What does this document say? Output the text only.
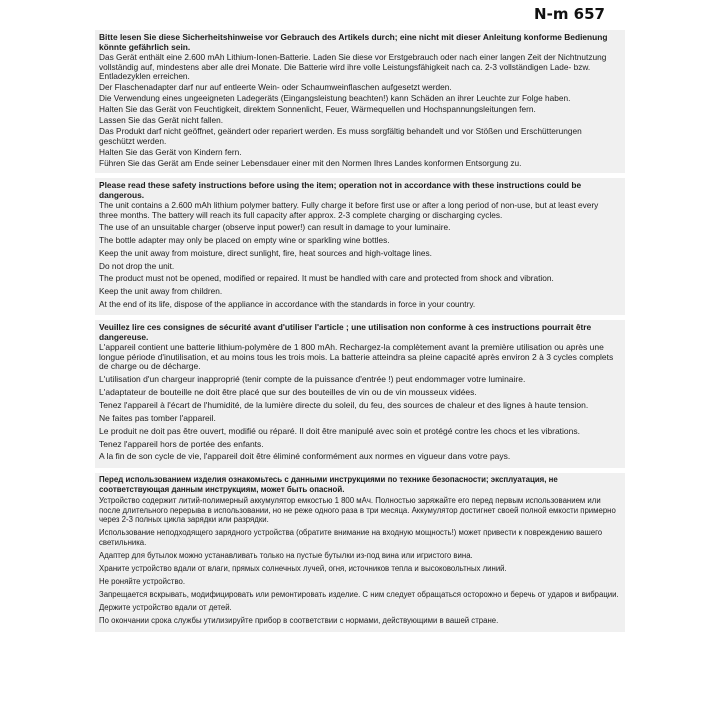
N-m 657

Bitte lesen Sie diese Sicherheitshinweise vor Gebrauch des Artikels durch; eine nicht mit dieser Anleitung konforme Bedienung könnte gefährlich sein.

Das Gerät enthält eine 2.600 mAh Lithium-Ionen-Batterie. Laden Sie diese vor Erstgebrauch oder nach einer langen Zeit der Nichtnutzung vollständig auf, mindestens aber alle drei Monate. Die Batterie wird ihre volle Leistungsfähigkeit nach ca. 2-3 vollständigen Lade- bzw. Entladezyklen erreichen.

Der Flaschenadapter darf nur auf entleerte Wein- oder Schaumweinflaschen aufgesetzt werden.

Die Verwendung eines ungeeigneten Ladegeräts (Eingangsleistung beachten!) kann Schäden an ihrer Leuchte zur Folge haben.

Halten Sie das Gerät von Feuchtigkeit, direktem Sonnenlicht, Feuer, Wärmequellen und Hochspannungsleitungen fern.

Lassen Sie das Gerät nicht fallen.

Das Produkt darf nicht geöffnet, geändert oder repariert werden. Es muss sorgfältig behandelt und vor Stößen und Erschütterungen geschützt werden.

Halten Sie das Gerät von Kindern fern.

Führen Sie das Gerät am Ende seiner Lebensdauer einer mit den Normen Ihres Landes konformen Entsorgung zu.

Please read these safety instructions before using the item; operation not in accordance with these instructions could be dangerous.

The unit contains a 2.600 mAh lithium polymer battery. Fully charge it before first use or after a long period of non-use, but at least every three months. The battery will reach its full capacity after approx. 2-3 complete charging or discharging cycles.

The use of an unsuitable charger (observe input power!) can result in damage to your luminaire.

The bottle adapter may only be placed on empty wine or sparkling wine bottles.

Keep the unit away from moisture, direct sunlight, fire, heat sources and high-voltage lines.

Do not drop the unit.

The product must not be opened, modified or repaired. It must be handled with care and protected from shock and vibration.

Keep the unit away from children.

At the end of its life, dispose of the appliance in accordance with the standards in force in your country.

Veuillez lire ces consignes de sécurité avant d'utiliser l'article ; une utilisation non conforme à ces instructions pourrait être dangereuse.

L'appareil contient une batterie lithium-polymère de 1 800 mAh. Rechargez-la complètement avant la première utilisation ou après une longue période d'inutilisation, et au moins tous les trois mois. La batterie atteindra sa pleine capacité après environ 2 à 3 cycles complets de charge ou de décharge.

L'utilisation d'un chargeur inapproprié (tenir compte de la puissance d'entrée !) peut endommager votre luminaire.

L'adaptateur de bouteille ne doit être placé que sur des bouteilles de vin ou de vin mousseux vidées.

Tenez l'appareil à l'écart de l'humidité, de la lumière directe du soleil, du feu, des sources de chaleur et des lignes à haute tension.

Ne faites pas tomber l'appareil.

Le produit ne doit pas être ouvert, modifié ou réparé. Il doit être manipulé avec soin et protégé contre les chocs et les vibrations.

Tenez l'appareil hors de portée des enfants.

A la fin de son cycle de vie, l'appareil doit être éliminé conformément aux normes en vigueur dans votre pays.

Перед использованием изделия ознакомьтесь с данными инструкциями по технике безопасности; эксплуатация, не соответствующая данным инструкциям, может быть опасной.

Устройство содержит литий-полимерный аккумулятор емкостью 1 800 мАч. Полностью заряжайте его перед первым использованием или после длительного перерыва в использовании, но не реже одного раза в три месяца. Аккумулятор достигнет своей полной емкости примерно через 2-3 полных цикла зарядки или разрядки.

Использование неподходящего зарядного устройства (обратите внимание на входную мощность!) может привести к повреждению вашего светильника.

Адаптер для бутылок можно устанавливать только на пустые бутылки из-под вина или игристого вина.

Храните устройство вдали от влаги, прямых солнечных лучей, огня, источников тепла и высоковольтных линий.

Не роняйте устройство.

Запрещается вскрывать, модифицировать или ремонтировать изделие. С ним следует обращаться осторожно и беречь от ударов и вибрации.

Держите устройство вдали от детей.

По окончании срока службы утилизируйте прибор в соответствии с нормами, действующими в вашей стране.
